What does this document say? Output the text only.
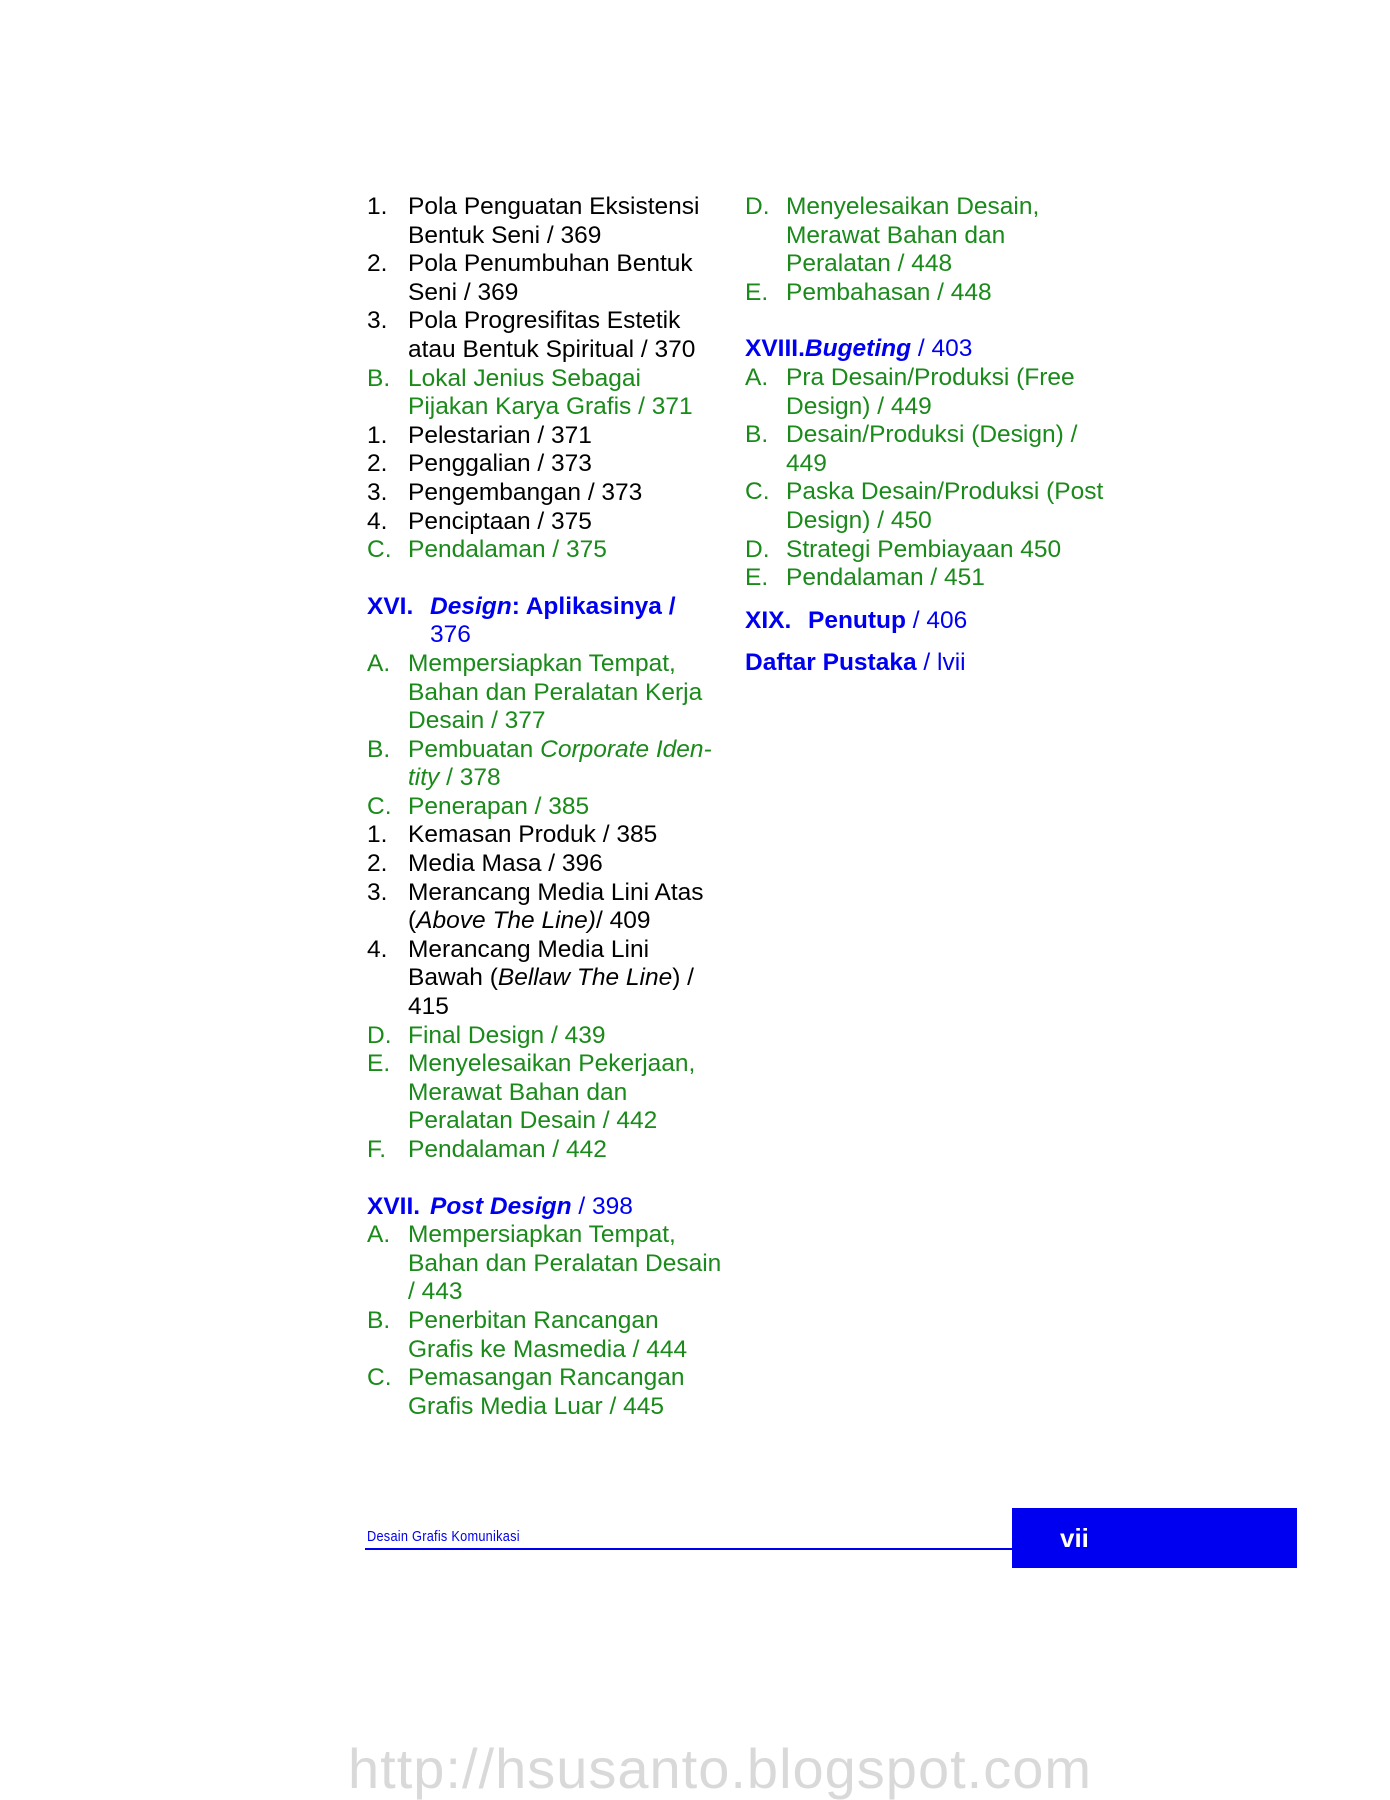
1. Pola Penguatan Eksistensi Bentuk Seni / 369
2. Pola Penumbuhan Bentuk Seni / 369
3. Pola Progresifitas Estetik atau Bentuk Spiritual / 370
B. Lokal Jenius Sebagai Pijakan Karya Grafis / 371
1. Pelestarian / 371
2. Penggalian / 373
3. Pengembangan / 373
4. Penciptaan / 375
C. Pendalaman / 375
XVI. Design: Aplikasinya /
376
A. Mempersiapkan Tempat, Bahan dan Peralatan Kerja Desain / 377
B. Pembuatan Corporate Iden-tity / 378
C. Penerapan / 385
1. Kemasan Produk / 385
2. Media Masa / 396
3. Merancang Media Lini Atas (Above The Line)/ 409
4. Merancang Media Lini Bawah (Bellaw The Line) / 415
D. Final Design / 439
E. Menyelesaikan Pekerjaan, Merawat Bahan dan Peralatan Desain / 442
F. Pendalaman / 442
XVII. Post Design / 398
A. Mempersiapkan Tempat, Bahan dan Peralatan Desain / 443
B. Penerbitan Rancangan Grafis ke Masmedia / 444
C. Pemasangan Rancangan Grafis Media Luar / 445
D. Menyelesaikan Desain, Merawat Bahan dan Peralatan / 448
E. Pembahasan / 448
XVIII.Bugeting / 403
A. Pra Desain/Produksi (Free Design) / 449
B. Desain/Produksi (Design) / 449
C. Paska Desain/Produksi (Post Design) / 450
D. Strategi Pembiayaan 450
E. Pendalaman / 451
XIX. Penutup / 406
Daftar Pustaka / lvii
Desain Grafis Komunikasi	vii
http://hsusanto.blogspot.com
